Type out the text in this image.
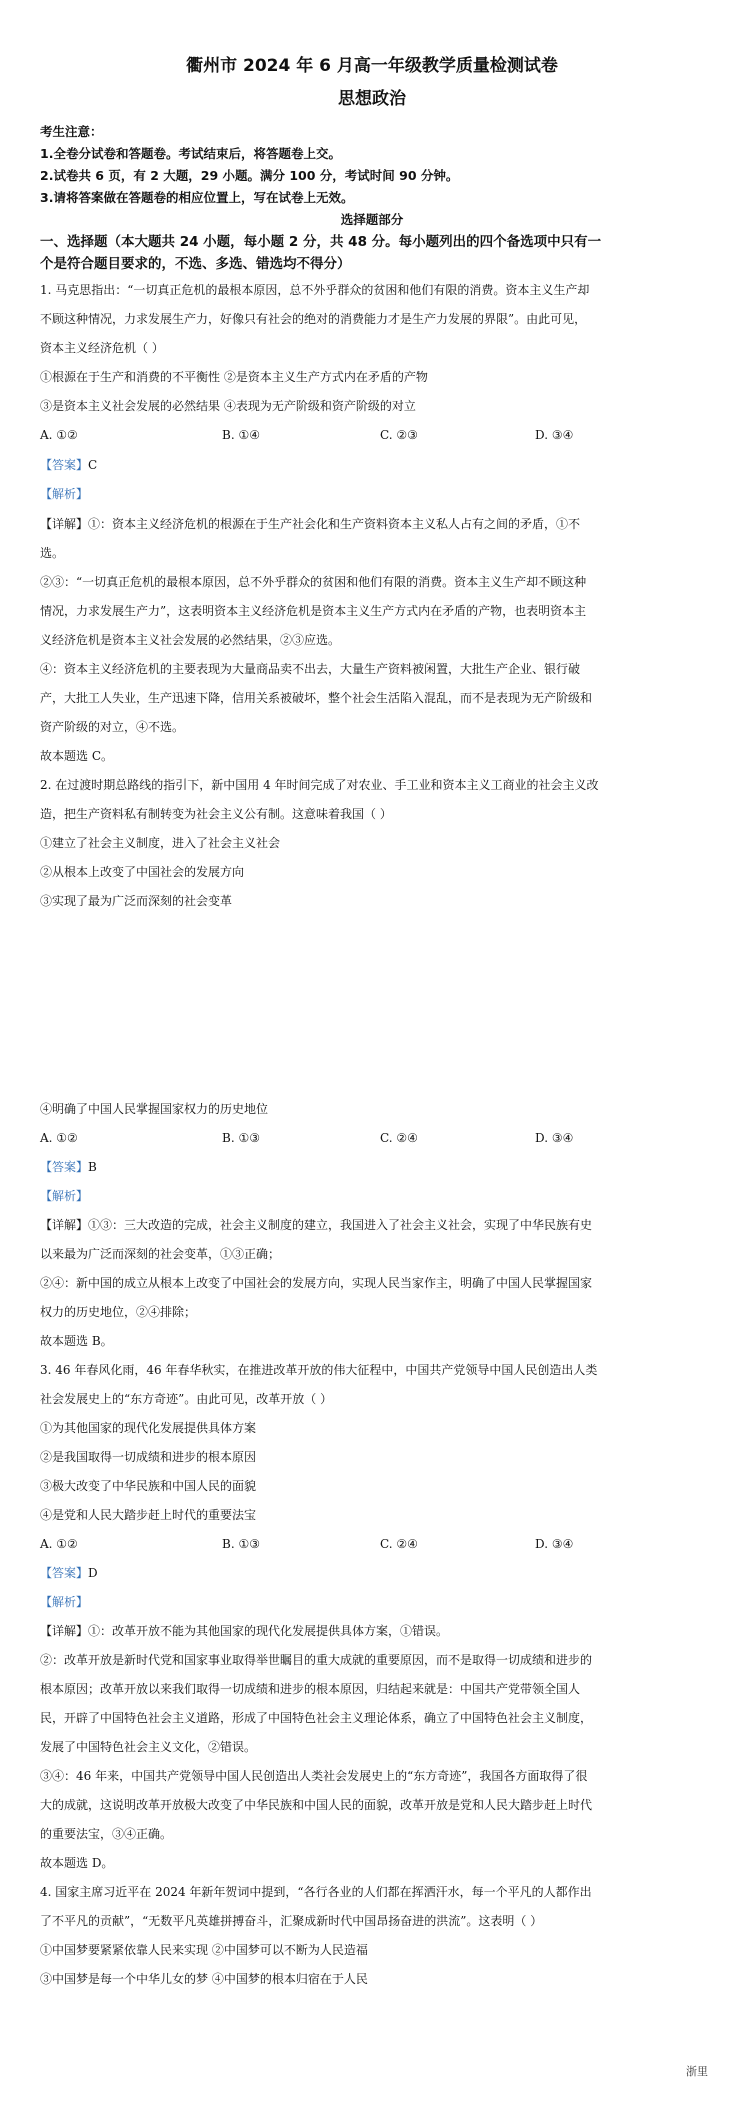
衢州市 2024 年 6 月高一年级教学质量检测试卷
思想政治
考生注意：
1.全卷分试卷和答题卷。考试结束后，将答题卷上交。
2.试卷共 6 页，有 2 大题，29 小题。满分 100 分，考试时间 90 分钟。
3.请将答案做在答题卷的相应位置上，写在试卷上无效。
选择题部分
一、选择题（本大题共 24 小题，每小题 2 分，共 48 分。每小题列出的四个备选项中只有一
个是符合题目要求的，不选、多选、错选均不得分）
1. 马克思指出：“一切真正危机的最根本原因，总不外乎群众的贫困和他们有限的消费。资本主义生产却
不顾这种情况，力求发展生产力，好像只有社会的绝对的消费能力才是生产力发展的界限”。由此可见，
资本主义经济危机（ ）
①根源在于生产和消费的不平衡性 ②是资本主义生产方式内在矛盾的产物
③是资本主义社会发展的必然结果 ④表现为无产阶级和资产阶级的对立
A. ①②	B. ①④	C. ②③	D. ③④
【答案】C
【解析】
【详解】①：资本主义经济危机的根源在于生产社会化和生产资料资本主义私人占有之间的矛盾，①不
选。
②③：“一切真正危机的最根本原因，总不外乎群众的贫困和他们有限的消费。资本主义生产却不顾这种
情况，力求发展生产力”，这表明资本主义经济危机是资本主义生产方式内在矛盾的产物，也表明资本主
义经济危机是资本主义社会发展的必然结果，②③应选。
④：资本主义经济危机的主要表现为大量商品卖不出去，大量生产资料被闲置，大批生产企业、银行破
产，大批工人失业，生产迅速下降，信用关系被破坏，整个社会生活陷入混乱，而不是表现为无产阶级和
资产阶级的对立，④不选。
故本题选 C。
2. 在过渡时期总路线的指引下，新中国用 4 年时间完成了对农业、手工业和资本主义工商业的社会主义改
造，把生产资料私有制转变为社会主义公有制。这意味着我国（ ）
①建立了社会主义制度，进入了社会主义社会
②从根本上改变了中国社会的发展方向
③实现了最为广泛而深刻的社会变革
④明确了中国人民掌握国家权力的历史地位
A. ①②	B. ①③	C. ②④	D. ③④
【答案】B
【解析】
【详解】①③：三大改造的完成，社会主义制度的建立，我国进入了社会主义社会，实现了中华民族有史
以来最为广泛而深刻的社会变革，①③正确；
②④：新中国的成立从根本上改变了中国社会的发展方向，实现人民当家作主，明确了中国人民掌握国家
权力的历史地位，②④排除；
故本题选 B。
3. 46 年春风化雨，46 年春华秋实，在推进改革开放的伟大征程中，中国共产党领导中国人民创造出人类
社会发展史上的“东方奇迹”。由此可见，改革开放（ ）
①为其他国家的现代化发展提供具体方案
②是我国取得一切成绩和进步的根本原因
③极大改变了中华民族和中国人民的面貌
④是党和人民大踏步赶上时代的重要法宝
A. ①②	B. ①③	C. ②④	D. ③④
【答案】D
【解析】
【详解】①：改革开放不能为其他国家的现代化发展提供具体方案，①错误。
②：改革开放是新时代党和国家事业取得举世瞩目的重大成就的重要原因，而不是取得一切成绩和进步的
根本原因；改革开放以来我们取得一切成绩和进步的根本原因，归结起来就是：中国共产党带领全国人
民，开辟了中国特色社会主义道路，形成了中国特色社会主义理论体系，确立了中国特色社会主义制度，
发展了中国特色社会主义文化，②错误。
③④：46 年来，中国共产党领导中国人民创造出人类社会发展史上的“东方奇迹”，我国各方面取得了很
大的成就，这说明改革开放极大改变了中华民族和中国人民的面貌，改革开放是党和人民大踏步赶上时代
的重要法宝，③④正确。
故本题选 D。
4. 国家主席习近平在 2024 年新年贺词中提到，“各行各业的人们都在挥洒汗水，每一个平凡的人都作出
了不平凡的贡献”，“无数平凡英雄拼搏奋斗，汇聚成新时代中国昂扬奋进的洪流”。这表明（ ）
①中国梦要紧紧依靠人民来实现 ②中国梦可以不断为人民造福
③中国梦是每一个中华儿女的梦 ④中国梦的根本归宿在于人民
浙里
